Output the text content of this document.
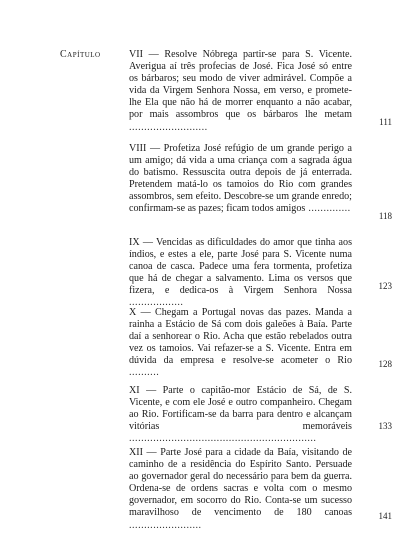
Capítulo	VII — Resolve Nóbrega partir-se para S. Vicente. Averigua aí três profecias de José. Fica José só entre os bárbaros; seu modo de viver admirável. Compõe a vida da Virgem Senhora Nossa, em verso, e promete-lhe Ela que não há de morrer enquanto a não acabar, por mais assombros que os bárbaros lhe metam ..........................	111
VIII — Profetiza José refúgio de um grande perigo a um amigo; dá vida a uma criança com a sagrada água do batismo. Ressuscita outra depois de já enterrada. Pretendem matá-lo os tamoios do Rio com grandes assombros, sem efeito. Descobre-se um grande enredo; confirmam-se as pazes; ficam todos amigos ..............
118
IX — Vencidas as dificuldades do amor que tinha aos índios, e estes a ele, parte José para S. Vicente numa canoa de casca. Padece uma fera tormenta, profetiza que há de chegar a salvamento. Lima os versos que fizera, e dedica-os à Virgem Senhora Nossa ..................
123
X — Chegam a Portugal novas das pazes. Manda a rainha a Estácio de Sá com dois galeões à Baía. Parte daí a senhorear o Rio. Acha que estão rebelados outra vez os tamoios. Vai refazer-se a S. Vicente. Entra em dúvida da empresa e resolve-se acometer o Rio ..........
128
XI — Parte o capitão-mor Estácio de Sá, de S. Vicente, e com ele José e outro companheiro. Chegam ao Rio. Fortificam-se da barra para dentro e alcançam vitórias memoráveis ..............................................................
133
XII — Parte José para a cidade da Baía, visitando de caminho de a residência do Espírito Santo. Persuade ao governador geral do necessário para bem da guerra. Ordena-se de ordens sacras e volta com o mesmo governador, em socorro do Rio. Conta-se um sucesso maravilhoso de vencimento de 180 canoas ........................
141
